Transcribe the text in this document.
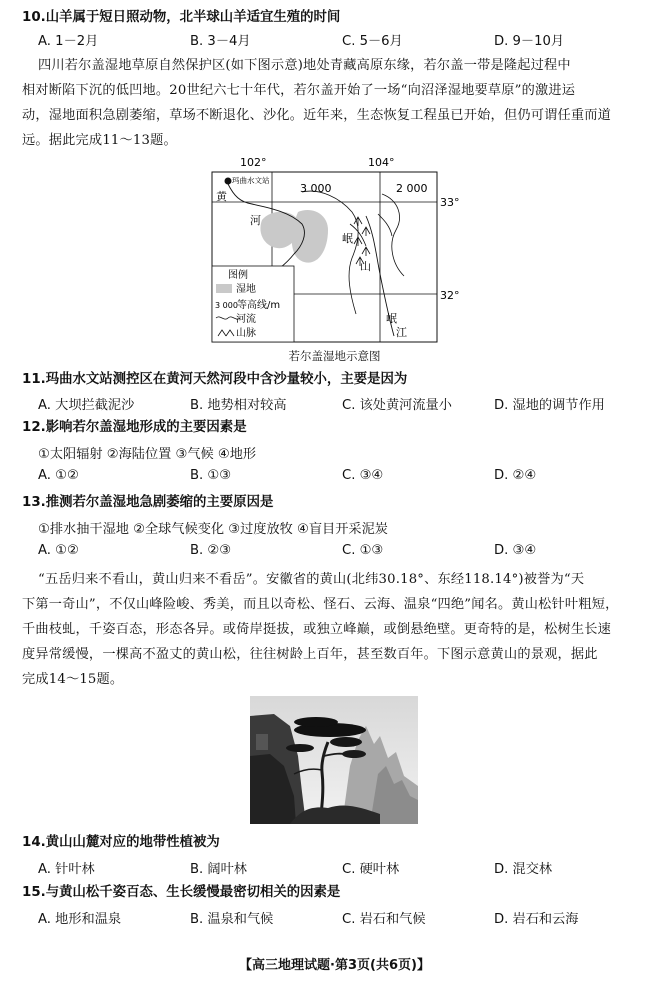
10.山羊属于短日照动物，北半球山羊适宜生殖的时间
A. 1－2月	B. 3－4月	C. 5－6月	D. 9－10月
四川若尔盖湿地草原自然保护区(如下图示意)地处青藏高原东缘，若尔盖一带是隆起过程中
相对断陷下沉的低凹地。20世纪六七十年代，若尔盖开始了一场“向沼泽湿地要草原”的激进运
动，湿地面积急剧萎缩，草场不断退化、沙化。近年来，生态恢复工程虽已开始，但仍可谓任重而道
远。据此完成11～13题。
102°	104°
33°
32°
玛曲水文站
黄
河
3 000	2 000
岷
山
岷
江
图例
湿地
3 000 等高线/m
河流
山脉
若尔盖湿地示意图
11.玛曲水文站测控区在黄河天然河段中含沙量较小，主要是因为
A. 大坝拦截泥沙	B. 地势相对较高	C. 该处黄河流量小	D. 湿地的调节作用
12.影响若尔盖湿地形成的主要因素是
①太阳辐射 ②海陆位置 ③气候 ④地形
A. ①②	B. ①③	C. ③④	D. ②④
13.推测若尔盖湿地急剧萎缩的主要原因是
①排水抽干湿地 ②全球气候变化 ③过度放牧 ④盲目开采泥炭
A. ①②	B. ②③	C. ①③	D. ③④
“五岳归来不看山，黄山归来不看岳”。安徽省的黄山(北纬30.18°、东经118.14°)被誉为“天
下第一奇山”，不仅山峰险峻、秀美，而且以奇松、怪石、云海、温泉“四绝”闻名。黄山松针叶粗短，
千曲枝虬，千姿百态，形态各异。或倚岸挺拔，或独立峰巅，或倒悬绝壁。更奇特的是，松树生长速
度异常缓慢，一棵高不盈丈的黄山松，往往树龄上百年，甚至数百年。下图示意黄山的景观，据此
完成14～15题。
14.黄山山麓对应的地带性植被为
A. 针叶林	B. 阔叶林	C. 硬叶林	D. 混交林
15.与黄山松千姿百态、生长缓慢最密切相关的因素是
A. 地形和温泉	B. 温泉和气候	C. 岩石和气候	D. 岩石和云海
【高三地理试题·第3页(共6页)】
